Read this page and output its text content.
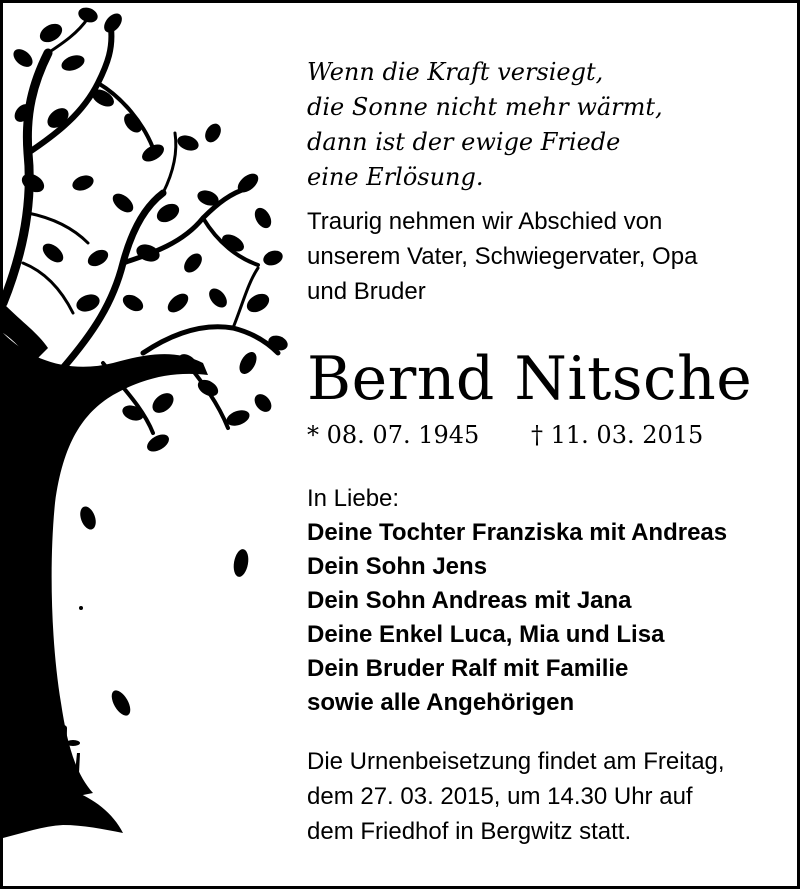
Wenn die Kraft versiegt,
die Sonne nicht mehr wärmt,
dann ist der ewige Friede
eine Erlösung.
Traurig nehmen wir Abschied von
unserem Vater, Schwiegervater, Opa
und Bruder
Bernd Nitsche
* 08. 07. 1945 † 11. 03. 2015
In Liebe:
Deine Tochter Franziska mit Andreas
Dein Sohn Jens
Dein Sohn Andreas mit Jana
Deine Enkel Luca, Mia und Lisa
Dein Bruder Ralf mit Familie
sowie alle Angehörigen
Die Urnenbeisetzung findet am Freitag,
dem 27. 03. 2015, um 14.30 Uhr auf
dem Friedhof in Bergwitz statt.
